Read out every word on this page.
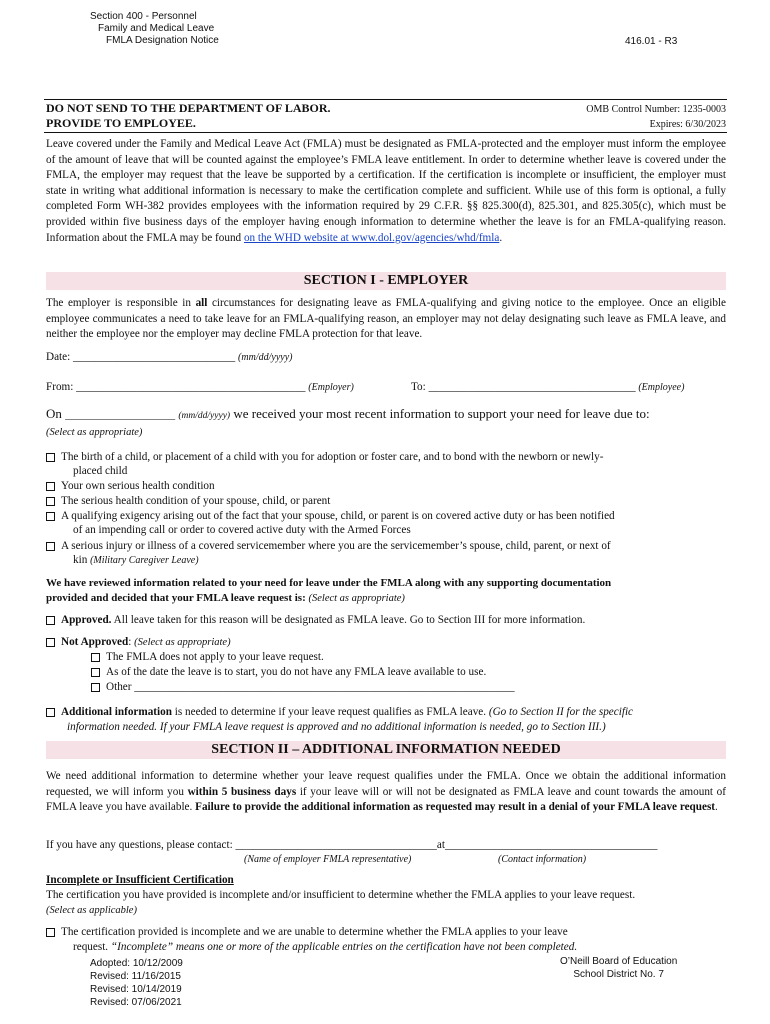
Section 400 - Personnel
Family and Medical Leave
FMLA Designation Notice	416.01 - R3
DO NOT SEND TO THE DEPARTMENT OF LABOR.
PROVIDE TO EMPLOYEE.
OMB Control Number: 1235-0003
Expires: 6/30/2023
Leave covered under the Family and Medical Leave Act (FMLA) must be designated as FMLA-protected and the employer must inform the employee of the amount of leave that will be counted against the employee’s FMLA leave entitlement. In order to determine whether leave is covered under the FMLA, the employer may request that the leave be supported by a certification. If the certification is incomplete or insufficient, the employer must state in writing what additional information is necessary to make the certification complete and sufficient. While use of this form is optional, a fully completed Form WH-382 provides employees with the information required by 29 C.F.R. §§ 825.300(d), 825.301, and 825.305(c), which must be provided within five business days of the employer having enough information to determine whether the leave is for an FMLA-qualifying reason. Information about the FMLA may be found on the WHD website at www.dol.gov/agencies/whd/fmla.
SECTION I - EMPLOYER
The employer is responsible in all circumstances for designating leave as FMLA-qualifying and giving notice to the employee. Once an eligible employee communicates a need to take leave for an FMLA-qualifying reason, an employer may not delay designating such leave as FMLA leave, and neither the employee nor the employer may decline FMLA protection for that leave.
Date: _____________________________ (mm/dd/yyyy)
From: _________________________________________ (Employer)	To: _____________________________________ (Employee)
On ____________________ (mm/dd/yyyy) we received your most recent information to support your need for leave due to:
(Select as appropriate)
The birth of a child, or placement of a child with you for adoption or foster care, and to bond with the newborn or newly-
placed child
Your own serious health condition
The serious health condition of your spouse, child, or parent
A qualifying exigency arising out of the fact that your spouse, child, or parent is on covered active duty or has been notified
of an impending call or order to covered active duty with the Armed Forces
A serious injury or illness of a covered servicemember where you are the servicemember’s spouse, child, parent, or next of
kin (Military Caregiver Leave)
We have reviewed information related to your need for leave under the FMLA along with any supporting documentation
provided and decided that your FMLA leave request is: (Select as appropriate)
Approved. All leave taken for this reason will be designated as FMLA leave. Go to Section III for more information.
Not Approved: (Select as appropriate)
The FMLA does not apply to your leave request.
As of the date the leave is to start, you do not have any FMLA leave available to use.
Other ____________________________________________________________________
Additional information is needed to determine if your leave request qualifies as FMLA leave. (Go to Section II for the specific
information needed. If your FMLA leave request is approved and no additional information is needed, go to Section III.)
SECTION II – ADDITIONAL INFORMATION NEEDED
We need additional information to determine whether your leave request qualifies under the FMLA. Once we obtain the additional information requested, we will inform you within 5 business days if your leave will or will not be designated as FMLA leave and count towards the amount of FMLA leave you have available. Failure to provide the additional information as requested may result in a denial of your FMLA leave request.
If you have any questions, please contact: ____________________________________at______________________________________
(Name of employer FMLA representative)	(Contact information)
Incomplete or Insufficient Certification
The certification you have provided is incomplete and/or insufficient to determine whether the FMLA applies to your leave request.
(Select as applicable)
The certification provided is incomplete and we are unable to determine whether the FMLA applies to your leave
request. “Incomplete” means one or more of the applicable entries on the certification have not been completed.
Adopted: 10/12/2009
Revised: 11/16/2015
Revised: 10/14/2019
Revised: 07/06/2021
O’Neill Board of Education
School District No. 7
